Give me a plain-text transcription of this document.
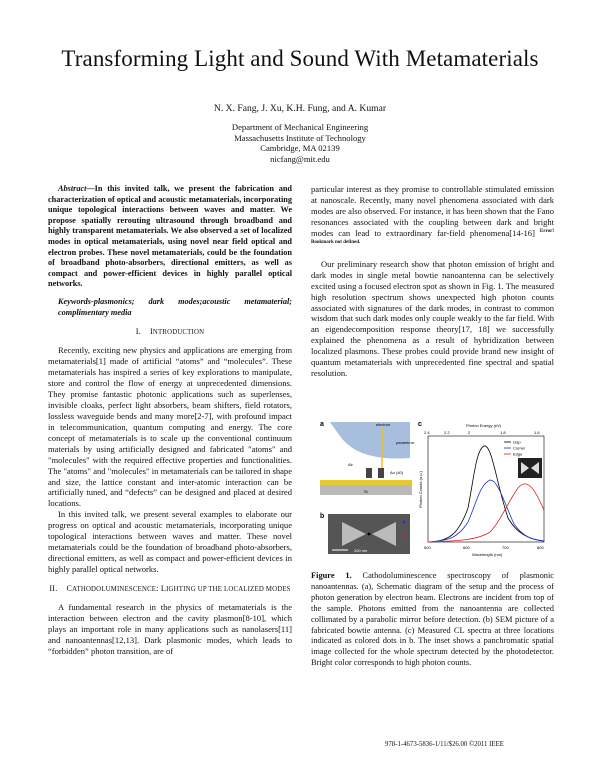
Transforming Light and Sound With Metamaterials
N. X. Fang, J. Xu, K.H. Fung, and A. Kumar
Department of Mechanical Engineering
Massachusetts Institute of Technology
Cambridge, MA 02139
nicfang@mit.edu

Abstract—In this invited talk, we present the fabrication and characterization of optical and acoustic metamaterials, incorporating unique topological interactions between waves and matter. We propose spatially rerouting ultrasound through broadband and highly transparent metamaterials. We also observed a set of localized modes in optical metamaterials, using novel near field optical and electron probes. These novel metamaterials, could be the foundation of broadband photo-absorbers, directional emitters, as well as compact and power-efficient devices in highly parallel optical networks.

Keywords-plasmonics; dark modes;acoustic metamaterial; complimentary media

I. INTRODUCTION

Recently, exciting new physics and applications are emerging from metamaterials[1] made of artificial “atoms” and “molecules”. These metamaterials has inspired a series of key explorations to manipulate, store and control the flow of energy at unprecedented dimensions. They promise fantastic photonic applications such as superlenses, invisible cloaks, perfect light absorbers, beam shifters, field rotators, lossless waveguide bends and many more[2-7], with profound impact in telecommunication, quantum computing and energy. The core concept of metamaterials is to scale up the conventional continuum materials by using artificially designed and fabricated "atoms" and "molecules" with the required effective properties and functionalities. The "atoms" and "molecules" in metamaterials can be tailored in shape and size, the lattice constant and inter-atomic interaction can be artificially tuned, and “defects” can be designed and placed at desired locations.

In this invited talk, we present several examples to elaborate our progress on optical and acoustic metamaterials, incorporating unique topological interactions between waves and matter. These novel metamaterials could be the foundation of broadband photo-absorbers, directional emitters, as well as compact and power-efficient devices in highly parallel optical networks.

II. CATHODOLUMINESCENCE: LIGHTING UP THE LOCALIZED MODES

A fundamental research in the physics of metamaterials is the interaction between electron and the cavity plasmon[8-10], which plays an important role in many applications such as nanolasers[11] and nanoantennas[12,13]. Dark plasmonic modes, which leads to “forbidden” photon transition, are of

particular interest as they promise to controllable stimulated emission at nanoscale. Recently, many novel phenomena associated with dark modes are also observed. For instance, it has been shown that the Fano resonances associated with the coupling between dark and bright modes can lead to extraordinary far-field phenomena[14-16] $^{Error! Bookmark not defined.}$

Our preliminary research show that photon emission of bright and dark modes in single metal bowtie nanoantenna can be selectively excited using a focused electron spot as shown in Fig. 1. The measured high resolution spectrum shows unexpected high photon counts associated with signatures of the dark modes, in contrast to common wisdom that such dark modes only couple weakly to the far field. With an eigendecomposition response theory[17, 18] we successfully explained the phenomena as a result of hybridization between localized plasmons. These probes could provide brand new insight of quantum metamaterials with unprecedented fine spectral and spatial resolution.

a	electron
paramirror
Air
Au (40)
Si
b
200 nm
c	Photon Energy (eV)
2.4	2.2	2	1.8	1.6
Photon Counts (a.u.)
Gap
Corner
Edge
500	600	700	800
Wavelength (nm)

Figure 1. Cathodoluminescence spectroscopy of plasmonic nanoantennas. (a), Schematic diagram of the setup and the process of photon generation by electron beam. Electrons are incident from top of the sample. Photons emitted from the nanoantenna are collected collimated by a parabolic mirror before detection. (b) SEM picture of a fabricated bowtie antenna. (c) Measured CL spectra at three locations indicated as colored dots in b. The inset shows a panchromatic spatial image collected for the whole spectrum detected by the photodetector. Bright color corresponds to high photon counts.

978-1-4673-5836-1/11/$26.00 ©2011 IEEE
